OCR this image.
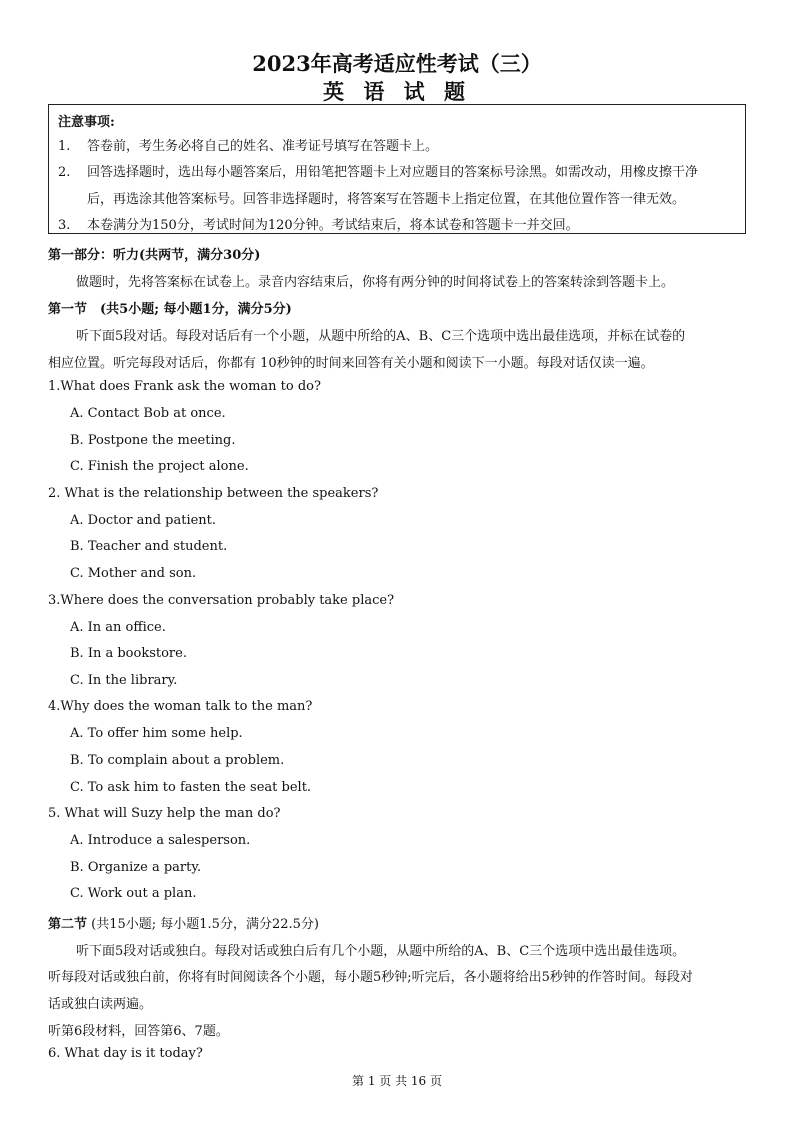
2023年高考适应性考试（三）
英 语 试 题
注意事项:
1. 答卷前，考生务必将自己的姓名、准考证号填写在答题卡上。
2. 回答选择题时，选出每小题答案后，用铅笔把答题卡上对应题目的答案标号涂黑。如需改动，用橡皮擦干净
后，再选涂其他答案标号。回答非选择题时，将答案写在答题卡上指定位置，在其他位置作答一律无效。
3. 本卷满分为150分，考试时间为120分钟。考试结束后，将本试卷和答题卡一并交回。
第一部分：听力(共两节，满分30分)
做题时，先将答案标在试卷上。录音内容结束后，你将有两分钟的时间将试卷上的答案转涂到答题卡上。
第一节　(共5小题; 每小题1分，满分5分)
听下面5段对话。每段对话后有一个小题，从题中所给的A、B、C三个选项中选出最佳选项，并标在试卷的
相应位置。听完每段对话后，你都有 10秒钟的时间来回答有关小题和阅读下一小题。每段对话仅读一遍。
1.What does Frank ask the woman to do?
A. Contact Bob at once.
B. Postpone the meeting.
C. Finish the project alone.
2. What is the relationship between the speakers?
A. Doctor and patient.
B. Teacher and student.
C. Mother and son.
3.Where does the conversation probably take place?
A. In an office.
B. In a bookstore.
C. In the library.
4.Why does the woman talk to the man?
A. To offer him some help.
B. To complain about a problem.
C. To ask him to fasten the seat belt.
5. What will Suzy help the man do?
A. Introduce a salesperson.
B. Organize a party.
C. Work out a plan.
第二节 (共15小题; 每小题1.5分，满分22.5分)
听下面5段对话或独白。每段对话或独白后有几个小题，从题中所给的A、B、C三个选项中选出最佳选项。
听每段对话或独白前，你将有时间阅读各个小题，每小题5秒钟;听完后，各小题将给出5秒钟的作答时间。每段对
话或独白读两遍。
听第6段材料，回答第6、7题。
6. What day is it today?
第 1 页 共 16 页
